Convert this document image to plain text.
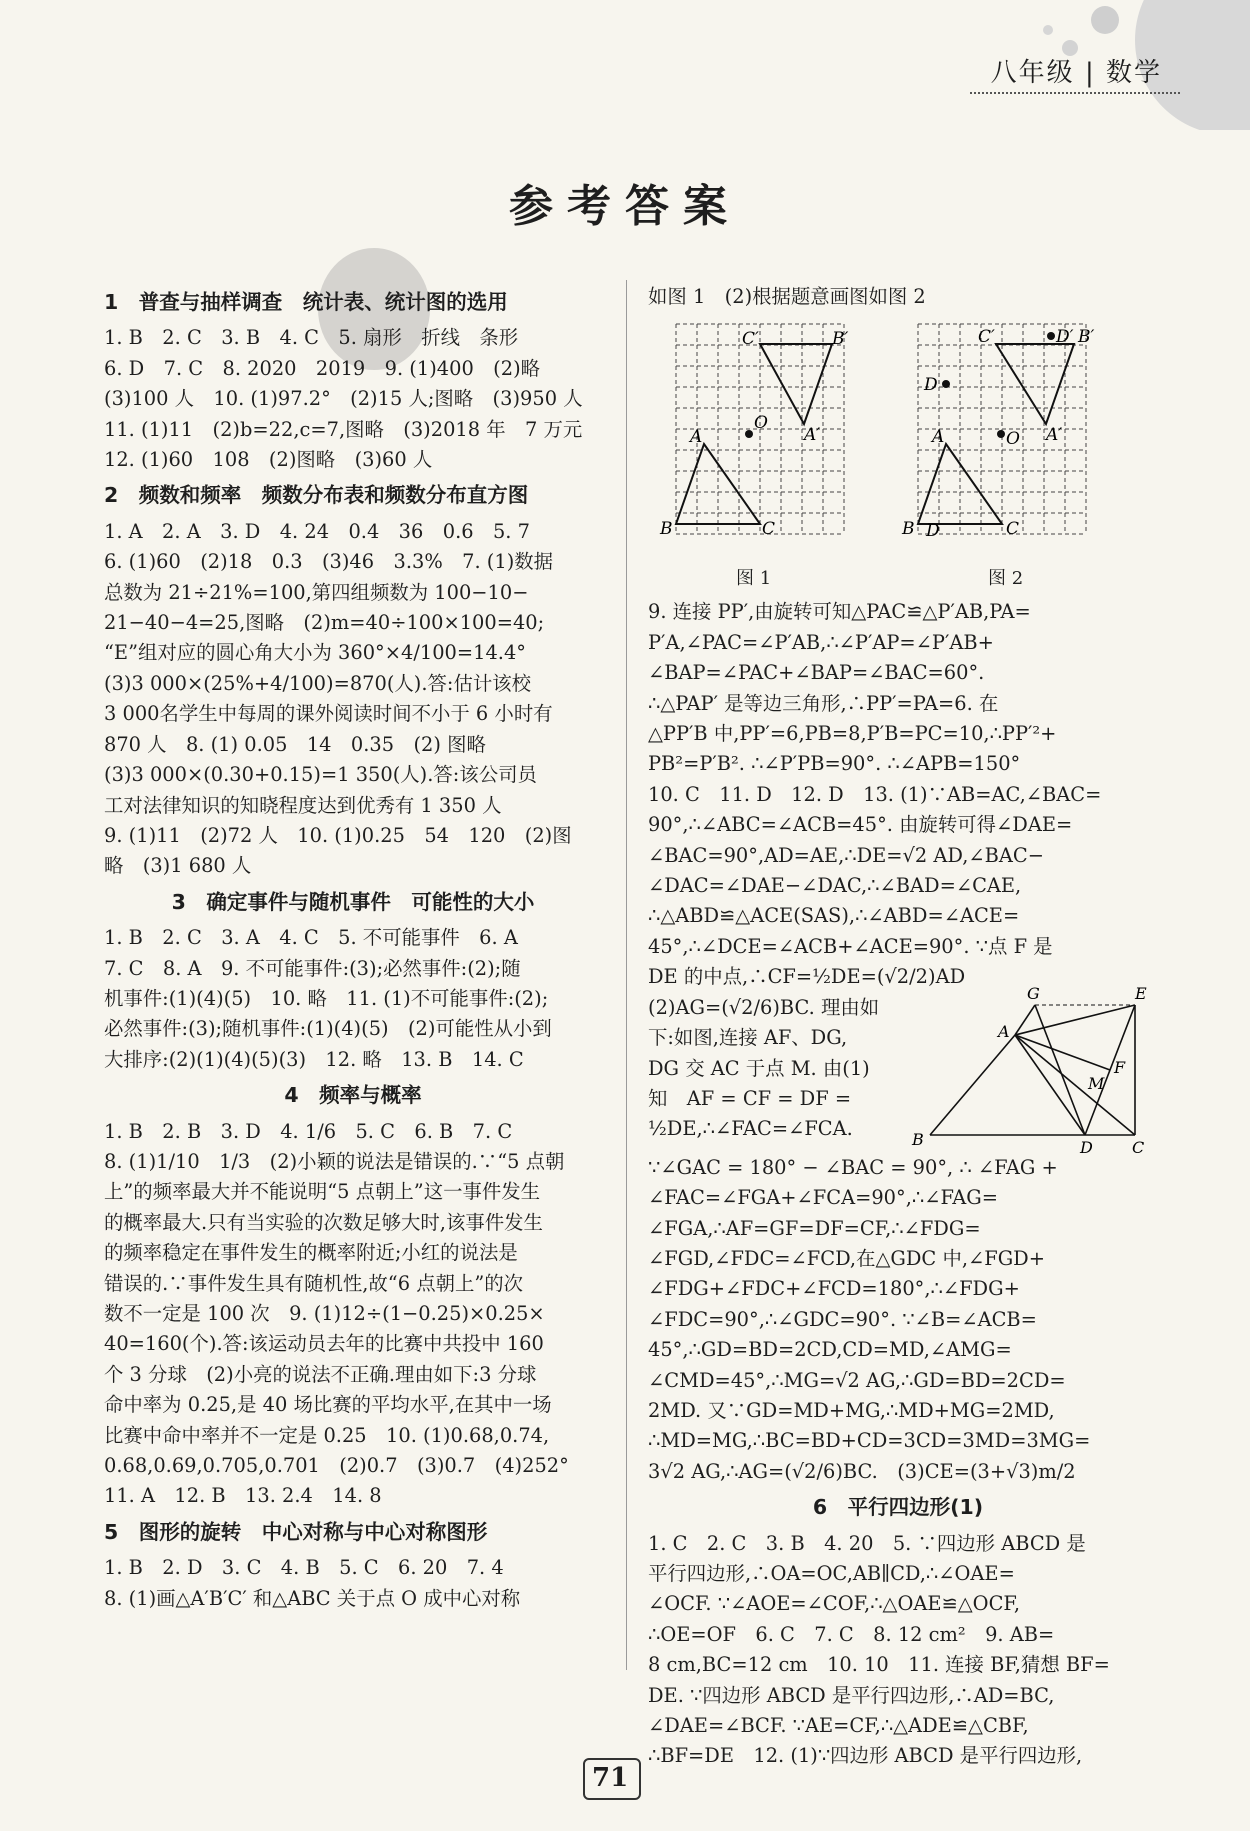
八年级 | 数学
参考答案

1　普查与抽样调查　统计表、统计图的选用

1. B　2. C　3. B　4. C　5. 扇形　折线　条形

6. D　7. C　8. 2020　2019　9. (1)400　(2)略

(3)100 人　10. (1)97.2°　(2)15 人;图略　(3)950 人

11. (1)11　(2)b=22,c=7,图略　(3)2018 年　7 万元

12. (1)60　108　(2)图略　(3)60 人

2　频数和频率　频数分布表和频数分布直方图

1. A　2. A　3. D　4. 24　0.4　36　0.6　5. 7

6. (1)60　(2)18　0.3　(3)46　3.3%　7. (1)数据

总数为 21÷21%=100,第四组频数为 100−10−

21−40−4=25,图略　(2)m=40÷100×100=40;

“E”组对应的圆心角大小为 360°×4/100=14.4°

(3)3 000×(25%+4/100)=870(人).答:估计该校

3 000名学生中每周的课外阅读时间不小于 6 小时有

870 人　8. (1) 0.05　14　0.35　(2) 图略

(3)3 000×(0.30+0.15)=1 350(人).答:该公司员

工对法律知识的知晓程度达到优秀有 1 350 人

9. (1)11　(2)72 人　10. (1)0.25　54　120　(2)图

略　(3)1 680 人

3　确定事件与随机事件　可能性的大小

1. B　2. C　3. A　4. C　5. 不可能事件　6. A

7. C　8. A　9. 不可能事件:(3);必然事件:(2);随

机事件:(1)(4)(5)　10. 略　11. (1)不可能事件:(2);

必然事件:(3);随机事件:(1)(4)(5)　(2)可能性从小到

大排序:(2)(1)(4)(5)(3)　12. 略　13. B　14. C

4　频率与概率

1. B　2. B　3. D　4. 1/6　5. C　6. B　7. C

8. (1)1/10　1/3　(2)小颖的说法是错误的.∵“5 点朝

上”的频率最大并不能说明“5 点朝上”这一事件发生

的概率最大.只有当实验的次数足够大时,该事件发生

的频率稳定在事件发生的概率附近;小红的说法是

错误的.∵事件发生具有随机性,故“6 点朝上”的次

数不一定是 100 次　9. (1)12÷(1−0.25)×0.25×

40=160(个).答:该运动员去年的比赛中共投中 160

个 3 分球　(2)小亮的说法不正确.理由如下:3 分球

命中率为 0.25,是 40 场比赛的平均水平,在其中一场

比赛中命中率并不一定是 0.25　10. (1)0.68,0.74,

0.68,0.69,0.705,0.701　(2)0.7　(3)0.7　(4)252°

11. A　12. B　13. 2.4　14. 8

5　图形的旋转　中心对称与中心对称图形

1. B　2. D　3. C　4. B　5. C　6. 20　7. 4

8. (1)画△A′B′C′ 和△ABC 关于点 O 成中心对称

如图 1　(2)根据题意画图如图 2

C′	B′
O
A′
A
B	C
C′	D′ B′
D
O A′
A
B D	C
图 1	图 2

9. 连接 PP′,由旋转可知△PAC≌△P′AB,PA=

P′A,∠PAC=∠P′AB,∴∠P′AP=∠P′AB+

∠BAP=∠PAC+∠BAP=∠BAC=60°.

∴△PAP′ 是等边三角形,∴PP′=PA=6. 在

△PP′B 中,PP′=6,PB=8,P′B=PC=10,∴PP′²+

PB²=P′B². ∴∠P′PB=90°. ∴∠APB=150°

10. C　11. D　12. D　13. (1)∵AB=AC,∠BAC=

90°,∴∠ABC=∠ACB=45°. 由旋转可得∠DAE=

∠BAC=90°,AD=AE,∴DE=√2 AD,∠BAC−

∠DAC=∠DAE−∠DAC,∴∠BAD=∠CAE,

∴△ABD≌△ACE(SAS),∴∠ABD=∠ACE=

45°,∴∠DCE=∠ACB+∠ACE=90°. ∵点 F 是

DE 的中点,∴CF=½DE=(√2/2)AD

(2)AG=(√2/6)BC. 理由如

下:如图,连接 AF、DG,

DG 交 AC 于点 M. 由(1)

知　AF = CF = DF =

½DE,∴∠FAC=∠FCA.

G	E
A
M
F
B	D C

∵∠GAC = 180° − ∠BAC = 90°, ∴ ∠FAG +

∠FAC=∠FGA+∠FCA=90°,∴∠FAG=

∠FGA,∴AF=GF=DF=CF,∴∠FDG=

∠FGD,∠FDC=∠FCD,在△GDC 中,∠FGD+

∠FDG+∠FDC+∠FCD=180°,∴∠FDG+

∠FDC=90°,∴∠GDC=90°. ∵∠B=∠ACB=

45°,∴GD=BD=2CD,CD=MD,∠AMG=

∠CMD=45°,∴MG=√2 AG,∴GD=BD=2CD=

2MD. 又∵GD=MD+MG,∴MD+MG=2MD,

∴MD=MG,∴BC=BD+CD=3CD=3MD=3MG=

3√2 AG,∴AG=(√2/6)BC.　(3)CE=(3+√3)m/2

6　平行四边形(1)

1. C　2. C　3. B　4. 20　5. ∵四边形 ABCD 是

平行四边形,∴OA=OC,AB∥CD,∴∠OAE=

∠OCF. ∵∠AOE=∠COF,∴△OAE≌△OCF,

∴OE=OF　6. C　7. C　8. 12 cm²　9. AB=

8 cm,BC=12 cm　10. 10　11. 连接 BF,猜想 BF=

DE. ∵四边形 ABCD 是平行四边形,∴AD=BC,

∠DAE=∠BCF. ∵AE=CF,∴△ADE≌△CBF,

∴BF=DE　12. (1)∵四边形 ABCD 是平行四边形,

71
